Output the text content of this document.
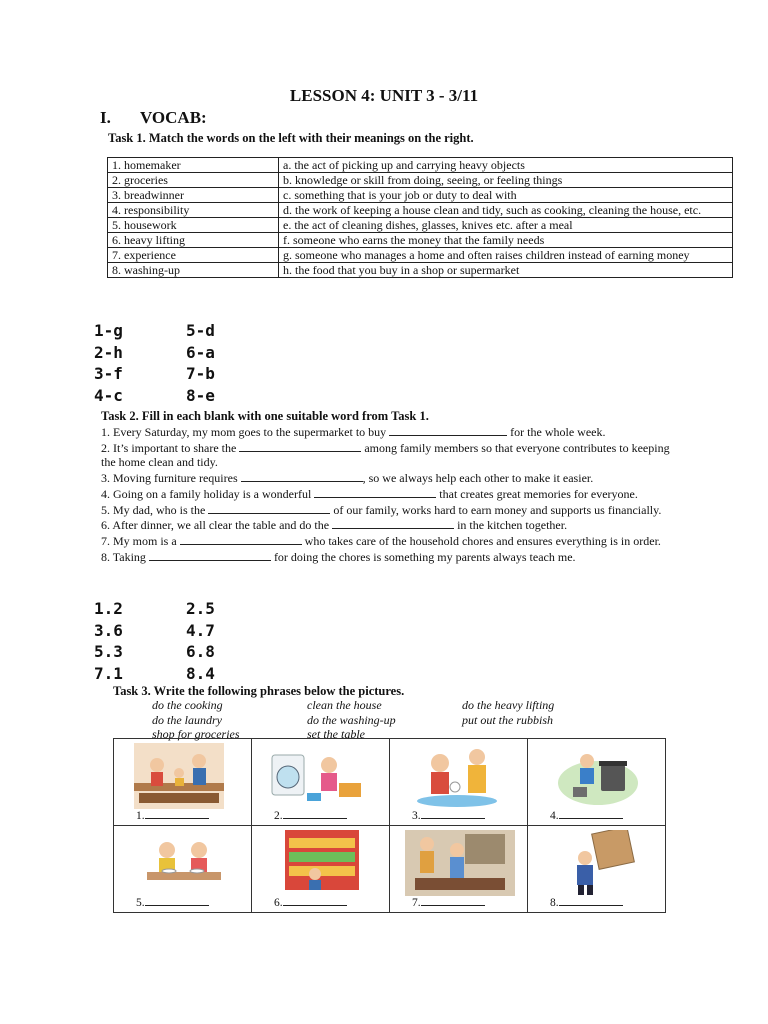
LESSON 4: UNIT 3 - 3/11
I. VOCAB:
Task 1. Match the words on the left with their meanings on the right.
1. homemaker	a. the act of picking up and carrying heavy objects
2. groceries	b. knowledge or skill from doing, seeing, or feeling things
3. breadwinner	c. something that is your job or duty to deal with
4. responsibility	d. the work of keeping a house clean and tidy, such as cooking, cleaning the house, etc.
5. housework	e. the act of cleaning dishes, glasses, knives etc. after a meal
6. heavy lifting	f. someone who earns the money that the family needs
7. experience	g. someone who manages a home and often raises children instead of earning money
8. washing-up	h. the food that you buy in a shop or supermarket
1-g	5-d
2-h	6-a
3-f	7-b
4-c	8-e
Task 2. Fill in each blank with one suitable word from Task 1.
1. Every Saturday, my mom goes to the supermarket to buy	for the whole week.
2. It’s important to share the	among family members so that everyone contributes to keeping the home clean and tidy.
3. Moving furniture requires	, so we always help each other to make it easier.
4. Going on a family holiday is a wonderful	that creates great memories for everyone.
5. My dad, who is the	of our family, works hard to earn money and supports us financially.
6. After dinner, we all clear the table and do the	in the kitchen together.
7. My mom is a	who takes care of the household chores and ensures everything is in order.
8. Taking	for doing the chores is something my parents always teach me.
1.2	2.5
3.6	4.7
5.3	6.8
7.1	8.4
Task 3. Write the following phrases below the pictures.
do the cooking	clean the house	do the heavy lifting
do the laundry	do the washing-up	put out the rubbish
shop for groceries	set the table
1.	2.	3.	4.

5.	6.	7.	8.
